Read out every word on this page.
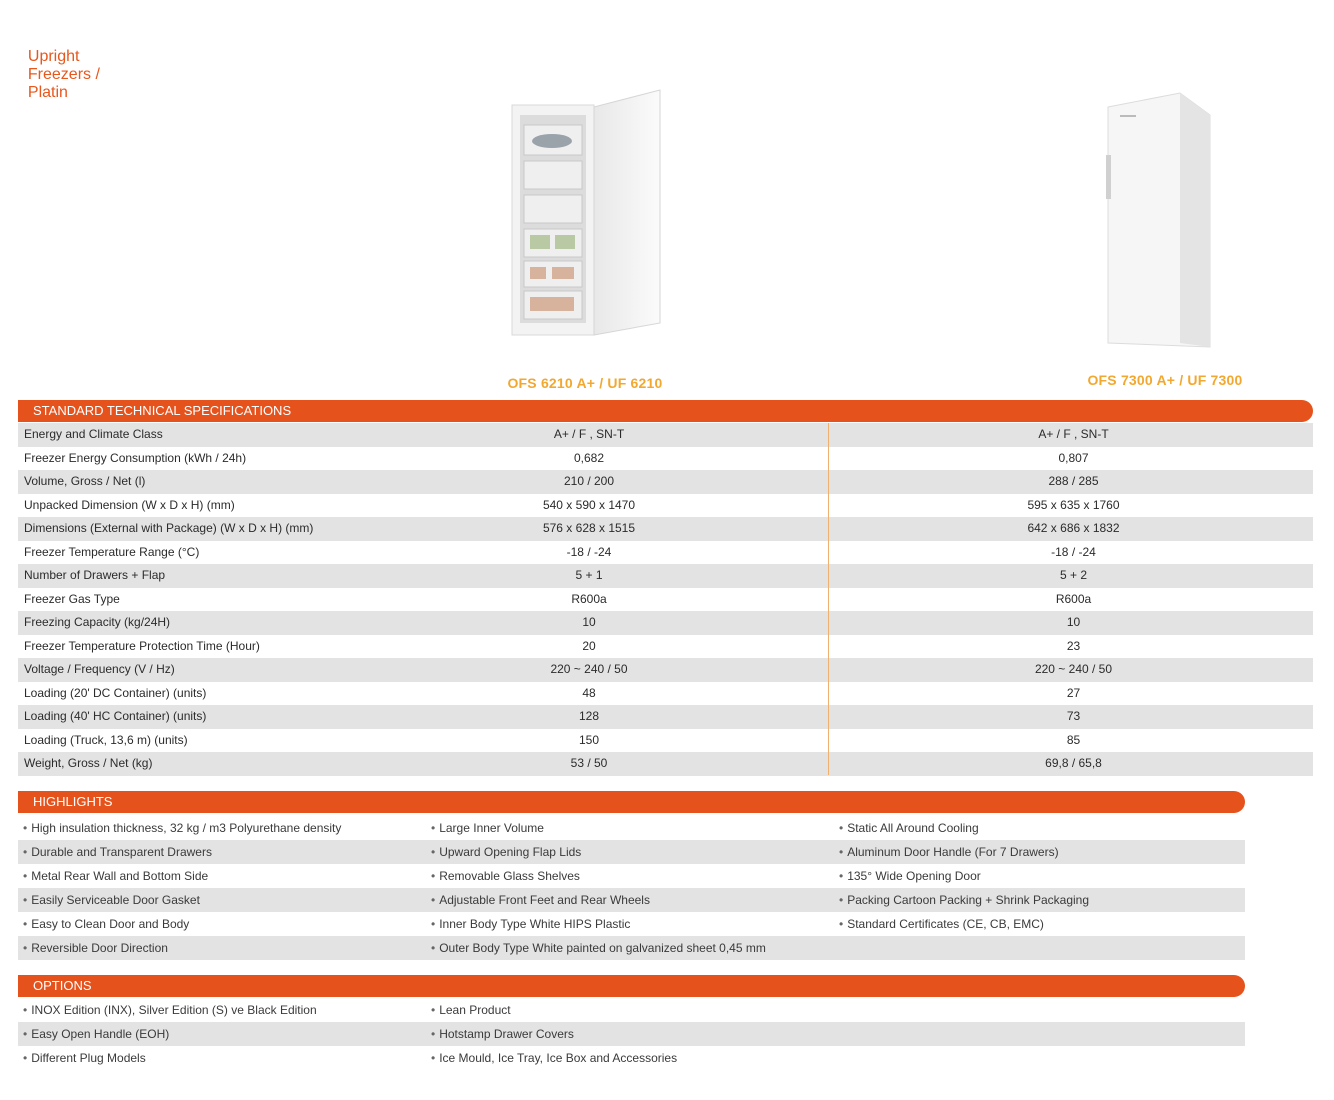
Upright
Freezers /
Platin

OFS 6210 A+ / UF 6210	OFS 7300 A+ / UF 7300
STANDARD TECHNICAL SPECIFICATIONS
Energy and Climate Class	A+ / F , SN-T	A+ / F , SN-T
Freezer Energy Consumption (kWh / 24h)	0,682	0,807
Volume, Gross / Net (l)	210 / 200	288 / 285
Unpacked Dimension (W x D x H) (mm)	540 x 590 x 1470	595 x 635 x 1760
Dimensions (External with Package) (W x D x H) (mm)	576 x 628 x 1515	642 x 686 x 1832
Freezer Temperature Range (°C)	-18 / -24	-18 / -24
Number of Drawers + Flap	5 + 1	5 + 2
Freezer Gas Type	R600a	R600a
Freezing Capacity (kg/24H)	10	10
Freezer Temperature Protection Time (Hour)	20	23
Voltage / Frequency (V / Hz)	220 ~ 240 / 50	220 ~ 240 / 50
Loading (20' DC Container) (units)	48	27
Loading (40' HC Container) (units)	128	73
Loading (Truck, 13,6 m) (units)	150	85
Weight, Gross / Net (kg)	53 / 50	69,8 / 65,8
HIGHLIGHTS
• High insulation thickness, 32 kg / m3 Polyurethane density	• Large Inner Volume	• Static All Around Cooling
• Durable and Transparent Drawers	• Upward Opening Flap Lids	• Aluminum Door Handle (For 7 Drawers)
• Metal Rear Wall and Bottom Side	• Removable Glass Shelves	• 135° Wide Opening Door
• Easily Serviceable Door Gasket	• Adjustable Front Feet and Rear Wheels	• Packing Cartoon Packing + Shrink Packaging
• Easy to Clean Door and Body	• Inner Body Type White HIPS Plastic	• Standard Certificates (CE, CB, EMC)
• Reversible Door Direction	• Outer Body Type White painted on galvanized sheet 0,45 mm
OPTIONS
• INOX Edition (INX), Silver Edition (S) ve Black Edition	• Lean Product
• Easy Open Handle (EOH)	• Hotstamp Drawer Covers
• Different Plug Models	• Ice Mould, Ice Tray, Ice Box and Accessories
